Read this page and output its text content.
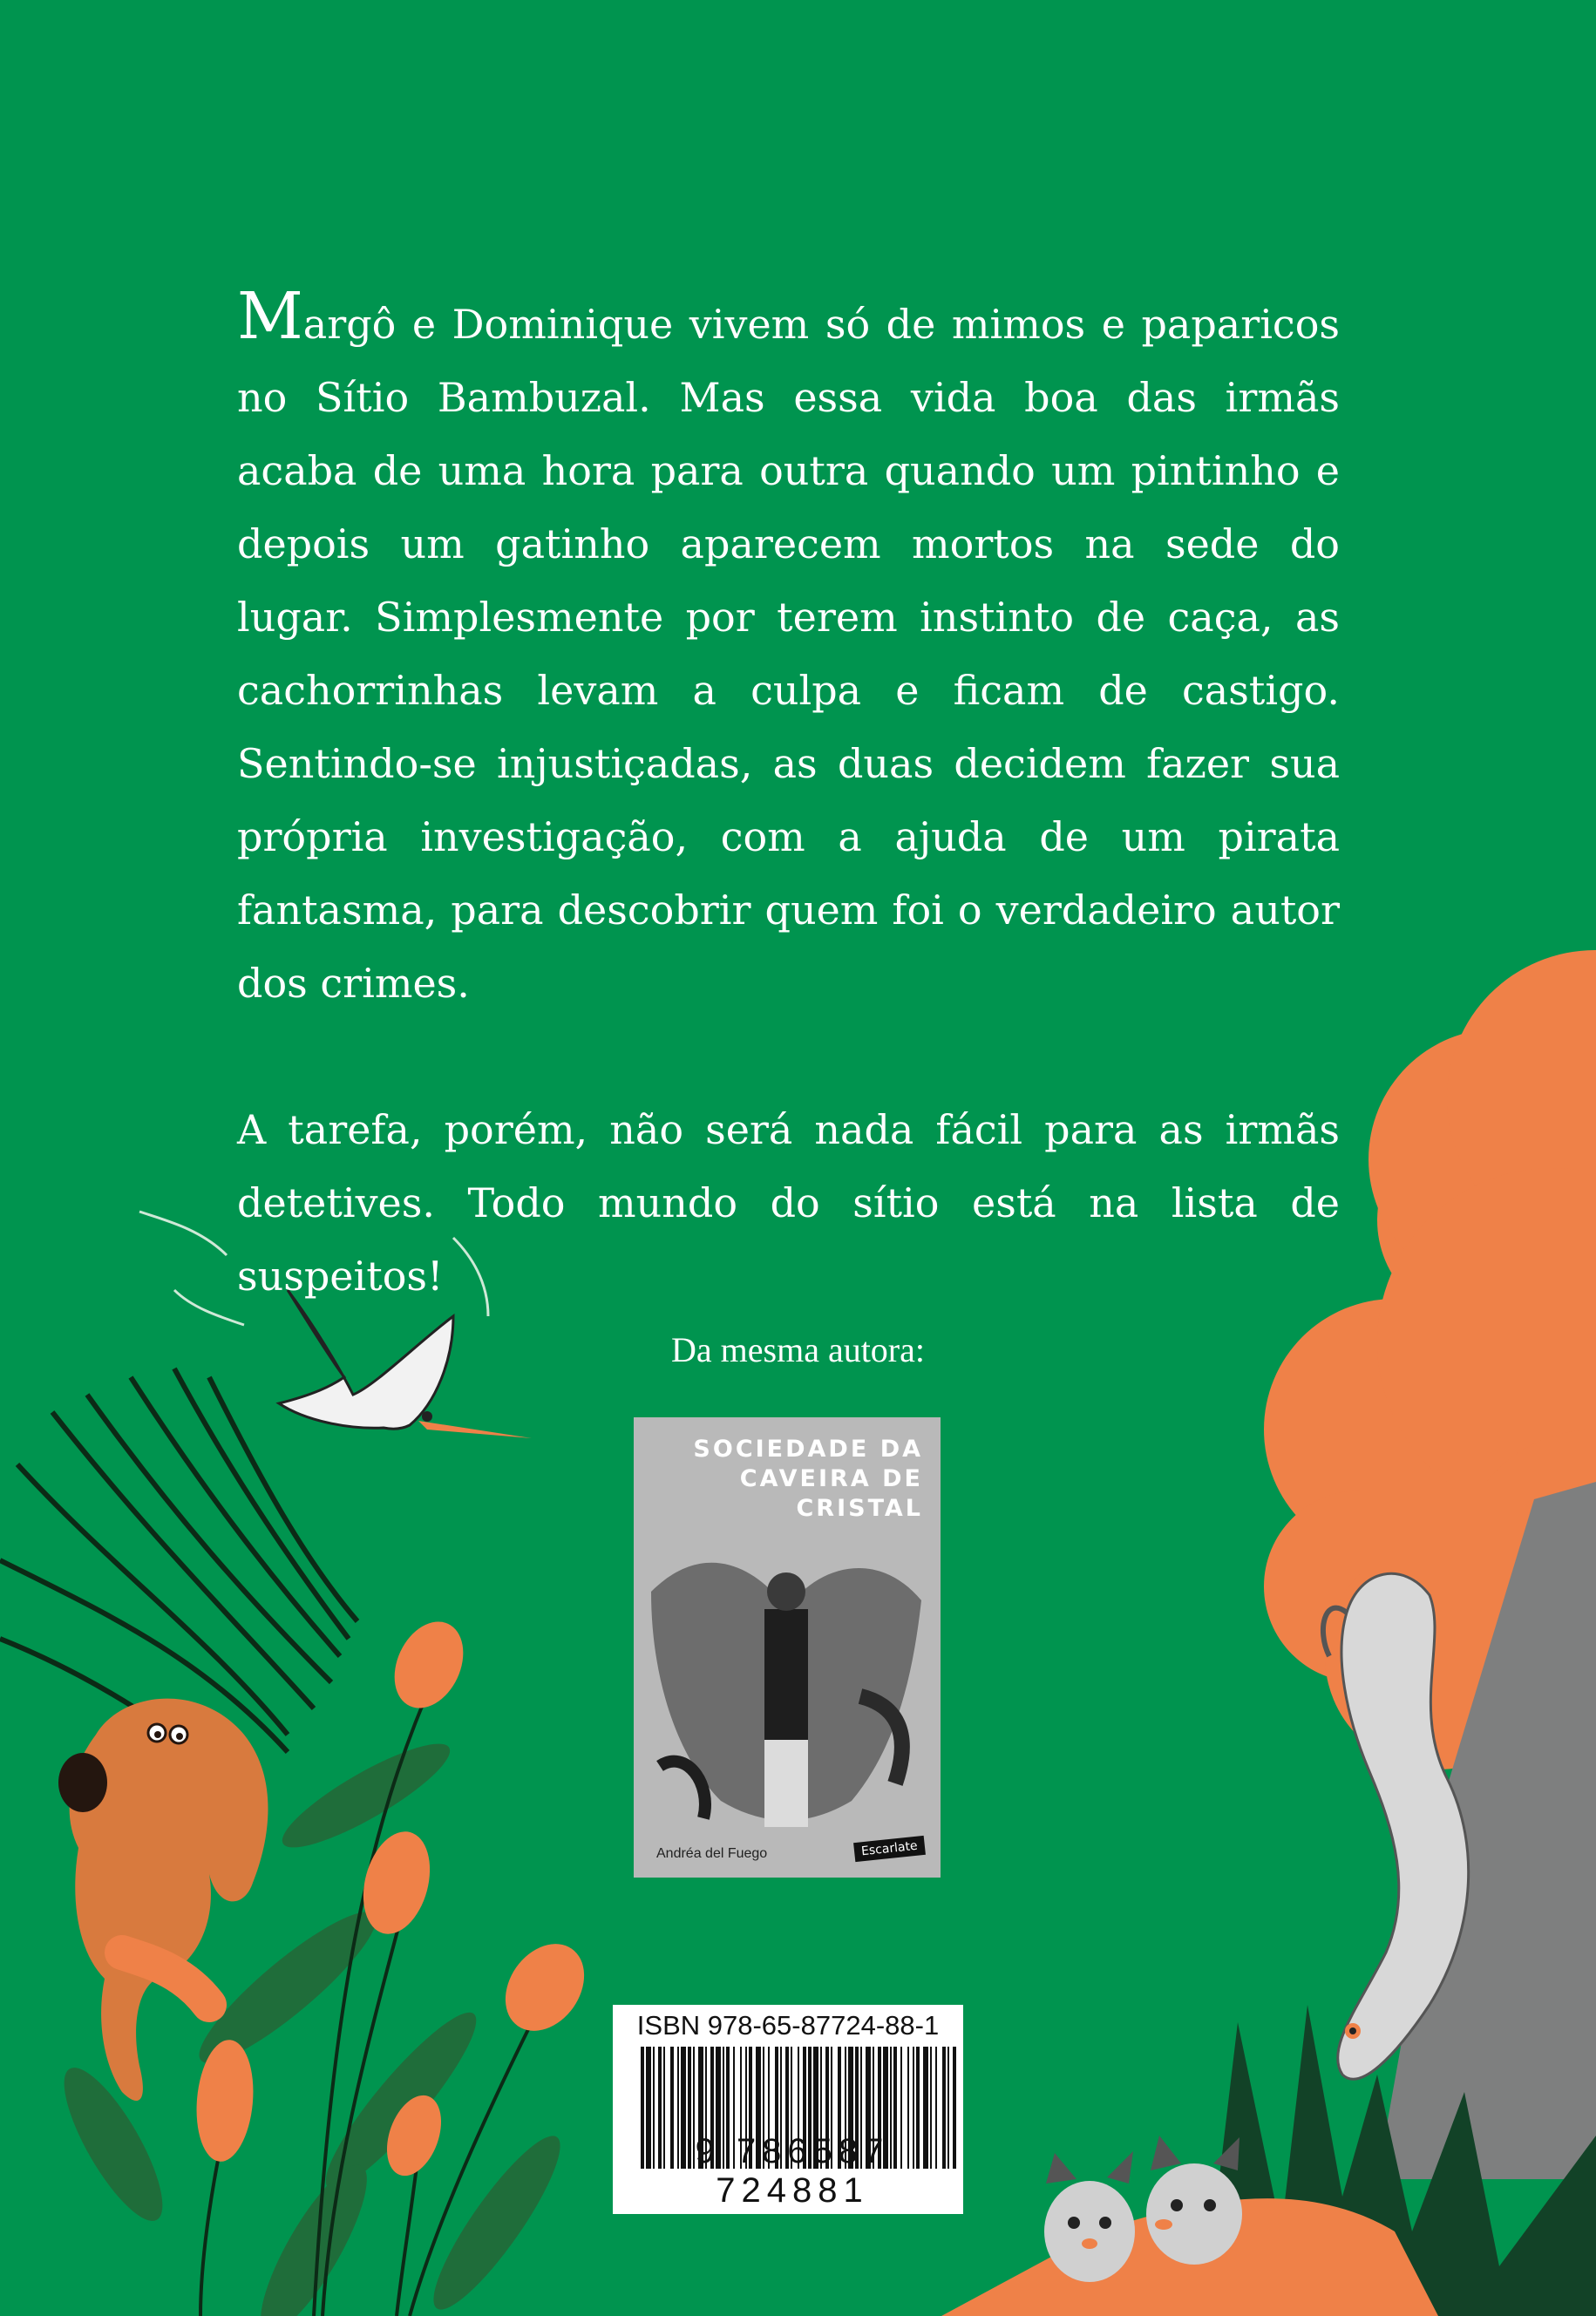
Margô e Dominique vivem só de mimos e paparicos no Sítio Bambuzal. Mas essa vida boa das irmãs acaba de uma hora para outra quando um pintinho e depois um gatinho aparecem mortos na sede do lugar. Simplesmente por terem instinto de caça, as cachorrinhas levam a culpa e ficam de castigo. Sentindo-se injustiçadas, as duas decidem fazer sua própria investigação, com a ajuda de um pirata fantasma, para descobrir quem foi o verdadeiro autor dos crimes.

A tarefa, porém, não será nada fácil para as irmãs detetives. Todo mundo do sítio está na lista de suspeitos!

Da mesma autora:
SOCIEDADE DA
CAVEIRA DE
CRISTAL
Andréa del Fuego	Escarlate
ISBN 978-65-87724-88-1
9 786587 724881
